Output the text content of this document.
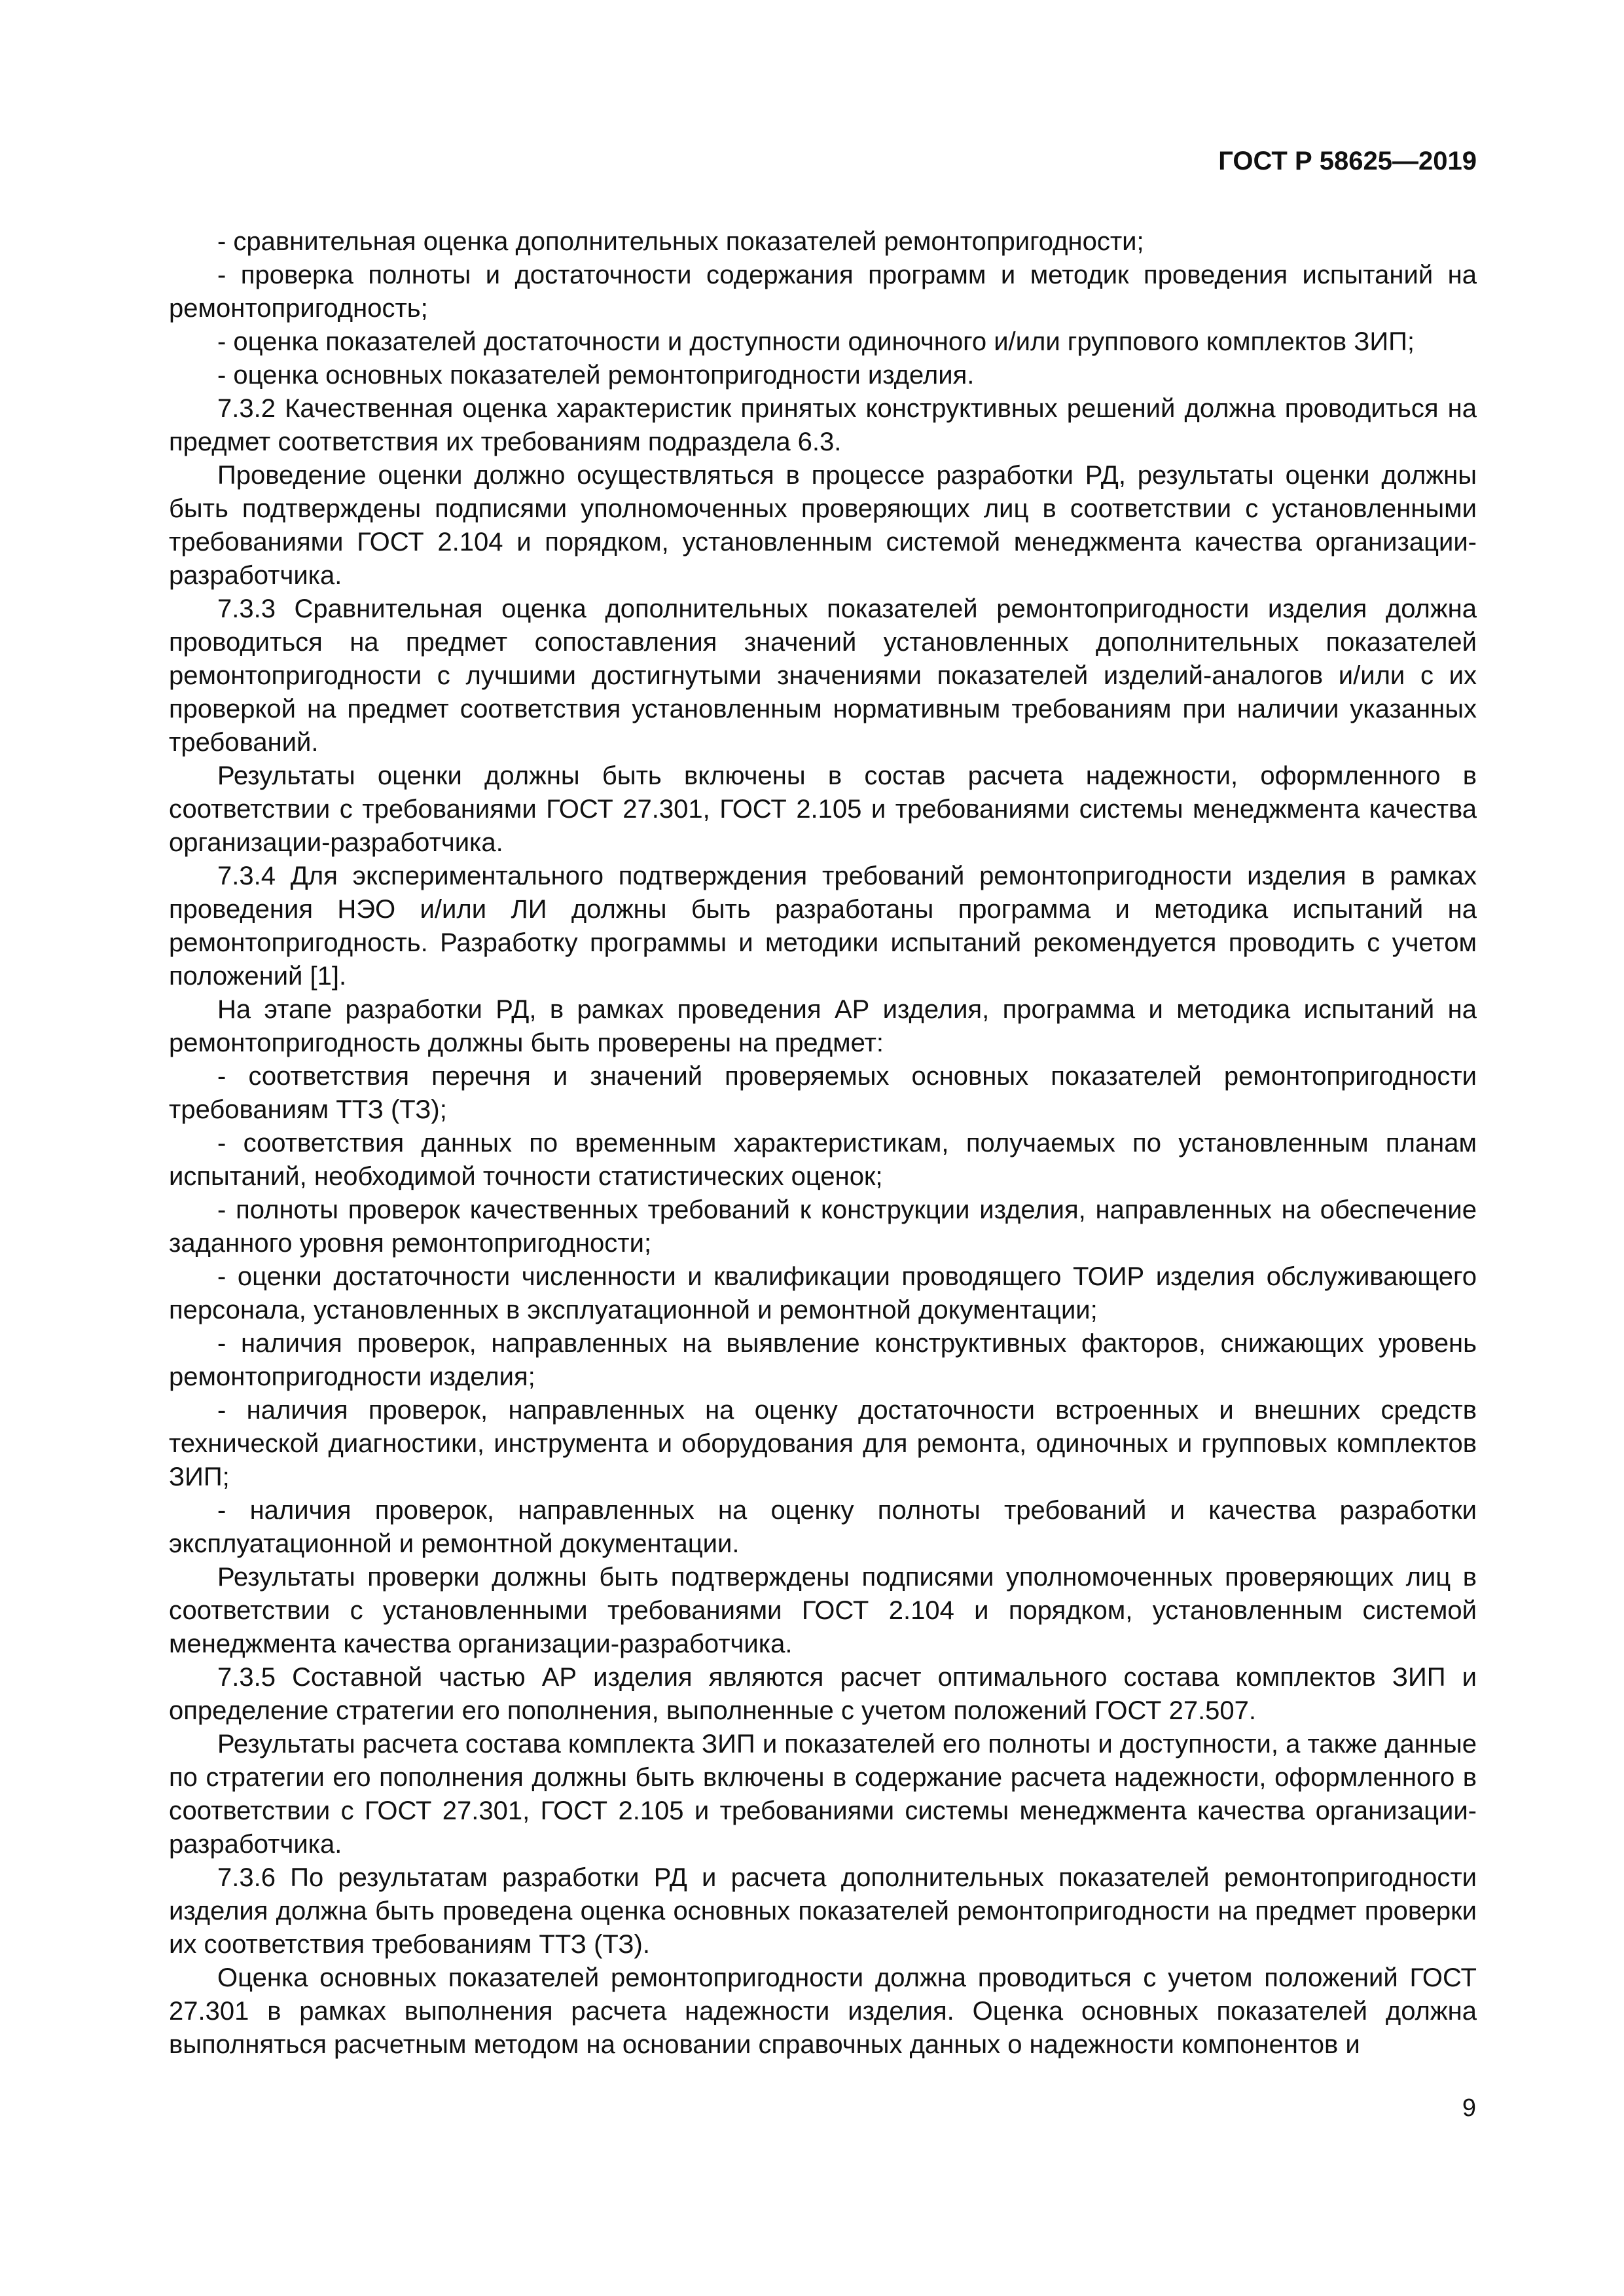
ГОСТ Р 58625—2019

- сравнительная оценка дополнительных показателей ремонтопригодности;

- проверка полноты и достаточности содержания программ и методик проведения испытаний на ремонтопригодность;

- оценка показателей достаточности и доступности одиночного и/или группового комплектов ЗИП;

- оценка основных показателей ремонтопригодности изделия.

7.3.2 Качественная оценка характеристик принятых конструктивных решений должна проводиться на предмет соответствия их требованиям подраздела 6.3.

Проведение оценки должно осуществляться в процессе разработки РД, результаты оценки должны быть подтверждены подписями уполномоченных проверяющих лиц в соответствии с установленными требованиями ГОСТ 2.104 и порядком, установленным системой менеджмента качества организации-разработчика.

7.3.3 Сравнительная оценка дополнительных показателей ремонтопригодности изделия должна проводиться на предмет сопоставления значений установленных дополнительных показателей ремонтопригодности с лучшими достигнутыми значениями показателей изделий-аналогов и/или с их проверкой на предмет соответствия установленным нормативным требованиям при наличии указанных требований.

Результаты оценки должны быть включены в состав расчета надежности, оформленного в соответствии с требованиями ГОСТ 27.301, ГОСТ 2.105 и требованиями системы менеджмента качества организации-разработчика.

7.3.4 Для экспериментального подтверждения требований ремонтопригодности изделия в рамках проведения НЭО и/или ЛИ должны быть разработаны программа и методика испытаний на ремонтопригодность. Разработку программы и методики испытаний рекомендуется проводить с учетом положений [1].

На этапе разработки РД, в рамках проведения АР изделия, программа и методика испытаний на ремонтопригодность должны быть проверены на предмет:

- соответствия перечня и значений проверяемых основных показателей ремонтопригодности требованиям ТТЗ (ТЗ);

- соответствия данных по временным характеристикам, получаемых по установленным планам испытаний, необходимой точности статистических оценок;

- полноты проверок качественных требований к конструкции изделия, направленных на обеспечение заданного уровня ремонтопригодности;

- оценки достаточности численности и квалификации проводящего ТОИР изделия обслуживающего персонала, установленных в эксплуатационной и ремонтной документации;

- наличия проверок, направленных на выявление конструктивных факторов, снижающих уровень ремонтопригодности изделия;

- наличия проверок, направленных на оценку достаточности встроенных и внешних средств технической диагностики, инструмента и оборудования для ремонта, одиночных и групповых комплектов ЗИП;

- наличия проверок, направленных на оценку полноты требований и качества разработки эксплуатационной и ремонтной документации.

Результаты проверки должны быть подтверждены подписями уполномоченных проверяющих лиц в соответствии с установленными требованиями ГОСТ 2.104 и порядком, установленным системой менеджмента качества организации-разработчика.

7.3.5 Составной частью АР изделия являются расчет оптимального состава комплектов ЗИП и определение стратегии его пополнения, выполненные с учетом положений ГОСТ 27.507.

Результаты расчета состава комплекта ЗИП и показателей его полноты и доступности, а также данные по стратегии его пополнения должны быть включены в содержание расчета надежности, оформленного в соответствии с ГОСТ 27.301, ГОСТ 2.105 и требованиями системы менеджмента качества организации-разработчика.

7.3.6 По результатам разработки РД и расчета дополнительных показателей ремонтопригодности изделия должна быть проведена оценка основных показателей ремонтопригодности на предмет проверки их соответствия требованиям ТТЗ (ТЗ).

Оценка основных показателей ремонтопригодности должна проводиться с учетом положений ГОСТ 27.301 в рамках выполнения расчета надежности изделия. Оценка основных показателей должна выполняться расчетным методом на основании справочных данных о надежности компонентов и

9
